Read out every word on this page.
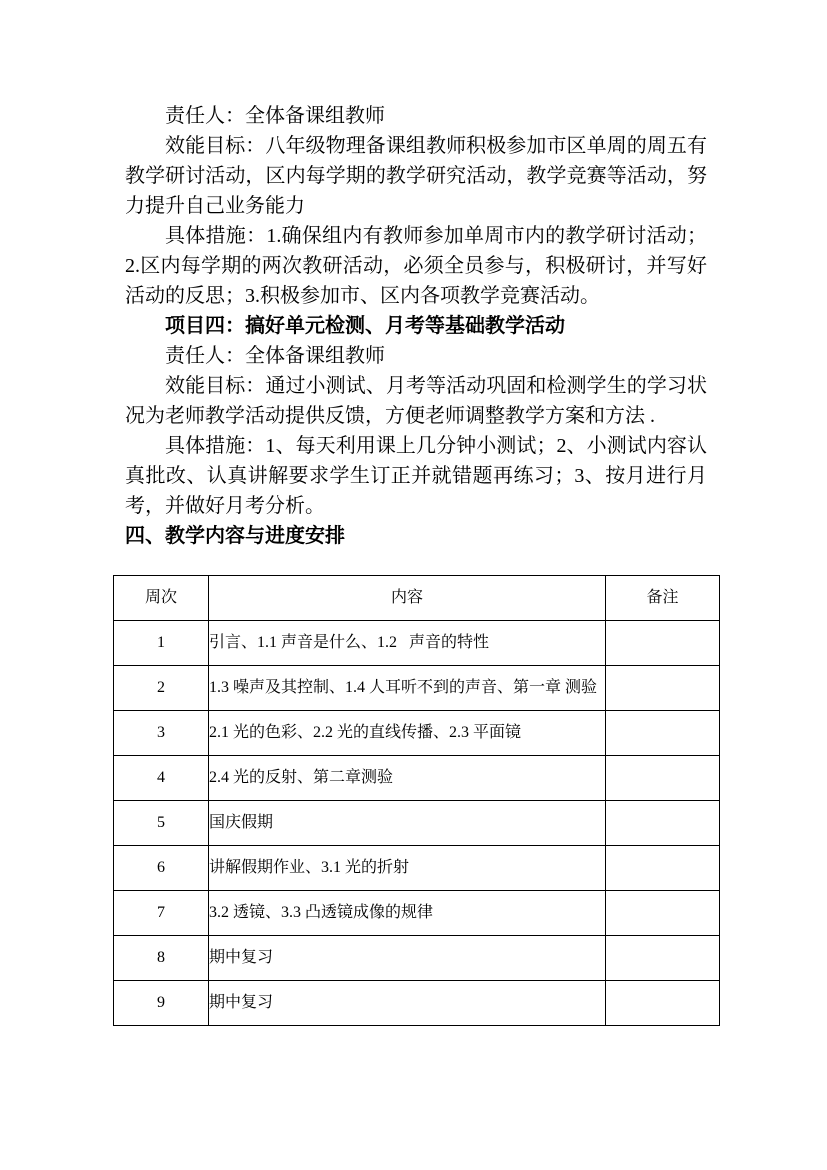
责任人：全体备课组教师

效能目标：八年级物理备课组教师积极参加市区单周的周五有教学研讨活动，区内每学期的教学研究活动，教学竞赛等活动，努力提升自己业务能力

具体措施：1.确保组内有教师参加单周市内的教学研讨活动；  2.区内每学期的两次教研活动，必须全员参与，积极研讨，并写好活动的反思；3.积极参加市、区内各项教学竞赛活动。

项目四：搞好单元检测、月考等基础教学活动

责任人：全体备课组教师

效能目标：通过小测试、月考等活动巩固和检测学生的学习状况为老师教学活动提供反馈，方便老师调整教学方案和方法 .

具体措施：1、每天利用课上几分钟小测试；2、小测试内容认真批改、认真讲解要求学生订正并就错题再练习；3、按月进行月考，并做好月考分析。

四、教学内容与进度安排

周次	内容	备注
1	引言、1.1 声音是什么、1.2   声音的特性	
2	1.3 噪声及其控制、1.4 人耳听不到的声音、第一章 测验	
3	2.1 光的色彩、2.2 光的直线传播、2.3 平面镜	
4	2.4 光的反射、第二章测验	
5	国庆假期	
6	讲解假期作业、3.1 光的折射	
7	3.2 透镜、3.3 凸透镜成像的规律	
8	期中复习	
9	期中复习	
